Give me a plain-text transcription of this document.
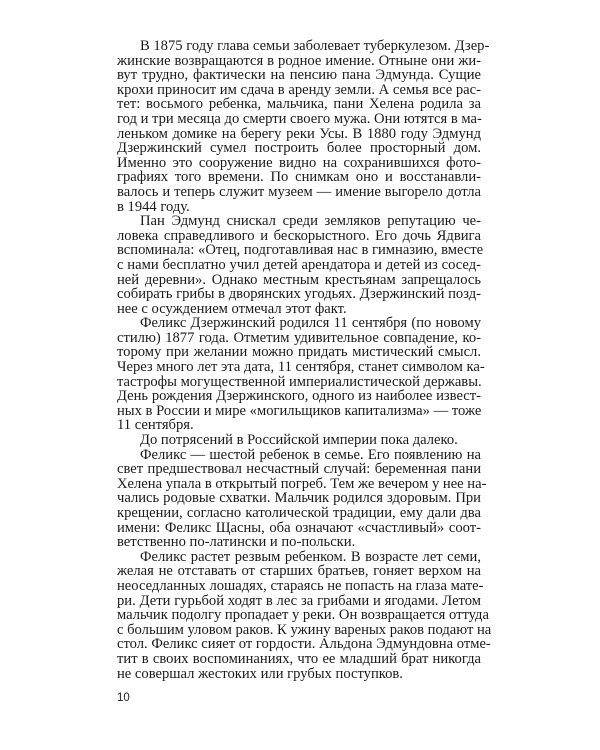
В 1875 году глава семьи заболевает туберкулезом. Дзер-
жинские возвращаются в родное имение. Отныне они жи-
вут трудно, фактически на пенсию пана Эдмунда. Сущие
крохи приносит им сдача в аренду земли. А семья все рас-
тет: восьмого ребенка, мальчика, пани Хелена родила за
год и три месяца до смерти своего мужа. Они ютятся в ма-
леньком домике на берегу реки Усы. В 1880 году Эдмунд
Дзержинский сумел построить более просторный дом.
Именно это сооружение видно на сохранившихся фото-
графиях того времени. По снимкам оно и восстанавли-
валось и теперь служит музеем — имение выгорело дотла
в 1944 году.
Пан Эдмунд снискал среди земляков репутацию че-
ловека справедливого и бескорыстного. Его дочь Ядвига
вспоминала: «Отец, подготавливая нас в гимназию, вместе
с нами бесплатно учил детей арендатора и детей из сосед-
ней деревни». Однако местным крестьянам запрещалось
собирать грибы в дворянских угодьях. Дзержинский позд-
нее с осуждением отмечал этот факт.
Феликс Дзержинский родился 11 сентября (по новому
стилю) 1877 года. Отметим удивительное совпадение, ко-
торому при желании можно придать мистический смысл.
Через много лет эта дата, 11 сентября, станет символом ка-
тастрофы могущественной империалистической державы.
День рождения Дзержинского, одного из наиболее извест-
ных в России и мире «могильщиков капитализма» — тоже
11 сентября.
До потрясений в Российской империи пока далеко.
Феликс — шестой ребенок в семье. Его появлению на
свет предшествовал несчастный случай: беременная пани
Хелена упала в открытый погреб. Тем же вечером у нее на-
чались родовые схватки. Мальчик родился здоровым. При
крещении, согласно католической традиции, ему дали два
имени: Феликс Щасны, оба означают «счастливый» соот-
ветственно по-латински и по-польски.
Феликс растет резвым ребенком. В возрасте лет семи,
желая не отставать от старших братьев, гоняет верхом на
неоседланных лошадях, стараясь не попасть на глаза мате-
ри. Дети гурьбой ходят в лес за грибами и ягодами. Летом
мальчик подолгу пропадает у реки. Он возвращается оттуда
с большим уловом раков. К ужину вареных раков подают на
стол. Феликс сияет от гордости. Альдона Эдмундовна отме-
тит в своих воспоминаниях, что ее младший брат никогда
не совершал жестоких или грубых поступков.
10
